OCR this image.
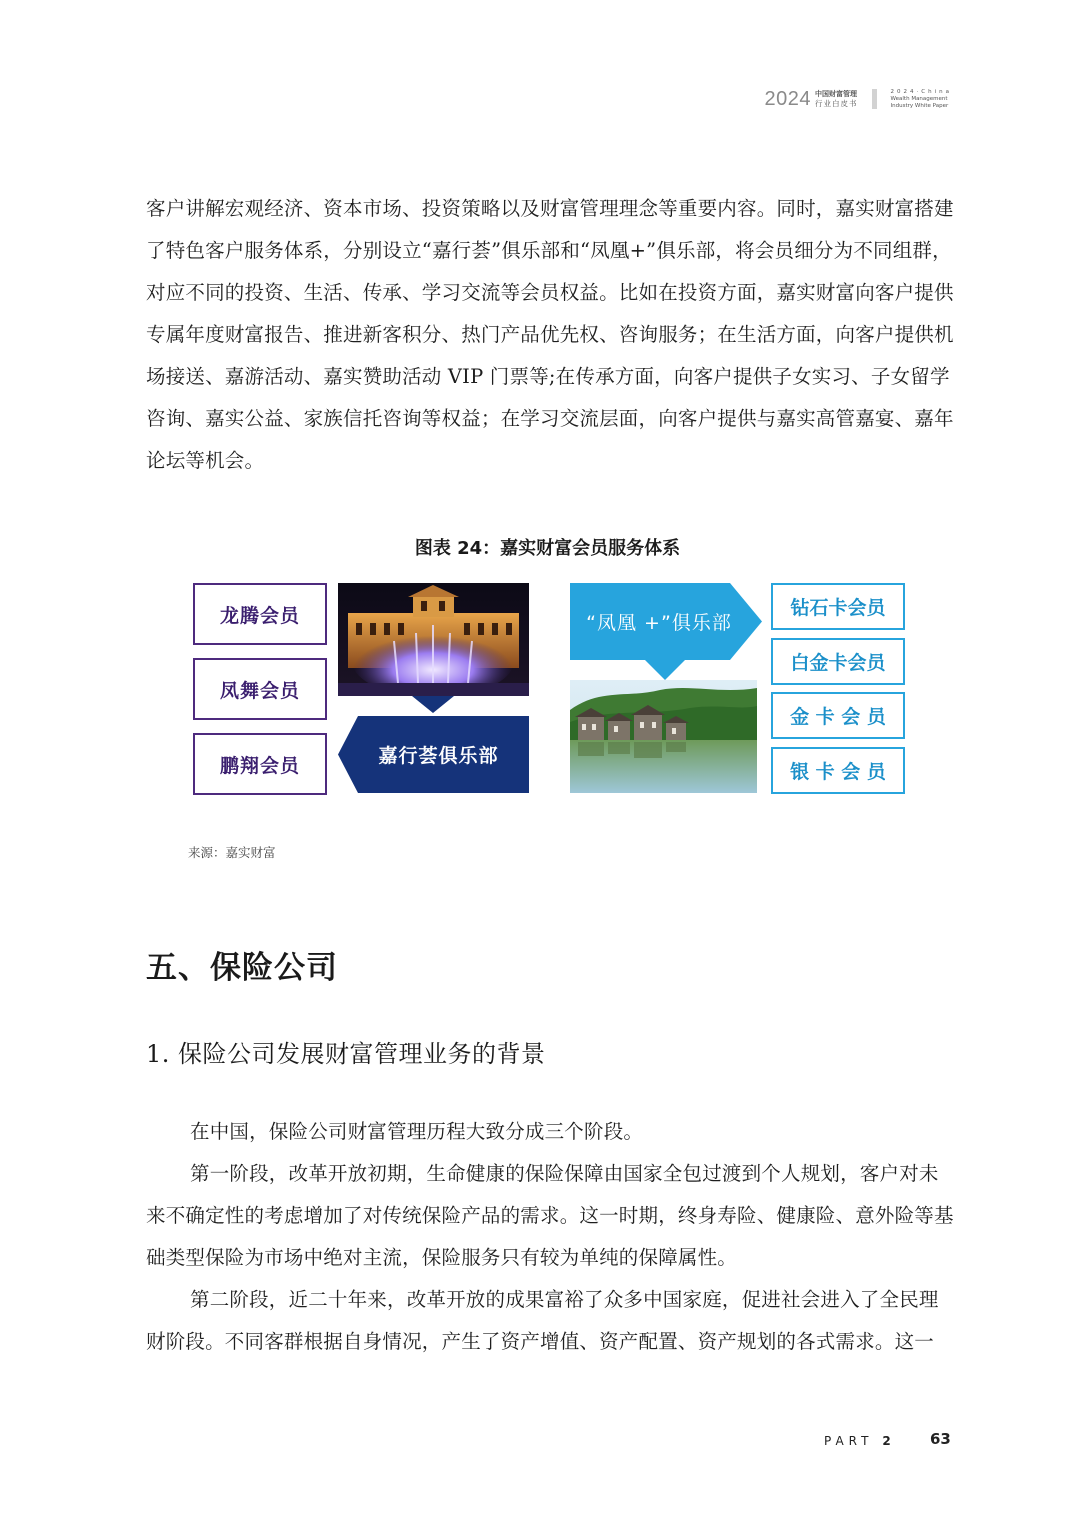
2024 中国财富管理
行业白皮书
2024·China
Wealth Management
Industry White Paper

客户讲解宏观经济、资本市场、投资策略以及财富管理理念等重要内容。同时，嘉实财富搭建了特色客户服务体系，分别设立“嘉行荟”俱乐部和“凤凰+”俱乐部，将会员细分为不同组群，对应不同的投资、生活、传承、学习交流等会员权益。比如在投资方面，嘉实财富向客户提供专属年度财富报告、推进新客积分、热门产品优先权、咨询服务；在生活方面，向客户提供机场接送、嘉游活动、嘉实赞助活动 VIP 门票等;在传承方面，向客户提供子女实习、子女留学咨询、嘉实公益、家族信托咨询等权益；在学习交流层面，向客户提供与嘉实高管嘉宴、嘉年论坛等机会。

图表 24：嘉实财富会员服务体系
龙腾会员
凤舞会员
鹏翔会员	嘉行荟俱乐部
“凤凰 +”俱乐部
钻石卡会员
白金卡会员
金 卡 会 员
银 卡 会 员
来源：嘉实财富
五、保险公司
1. 保险公司发展财富管理业务的背景

在中国，保险公司财富管理历程大致分成三个阶段。

第一阶段，改革开放初期，生命健康的保险保障由国家全包过渡到个人规划，客户对未来不确定性的考虑增加了对传统保险产品的需求。这一时期，终身寿险、健康险、意外险等基础类型保险为市场中绝对主流，保险服务只有较为单纯的保障属性。

第二阶段，近二十年来，改革开放的成果富裕了众多中国家庭，促进社会进入了全民理财阶段。不同客群根据自身情况，产生了资产增值、资产配置、资产规划的各式需求。这一

PART 2	63
